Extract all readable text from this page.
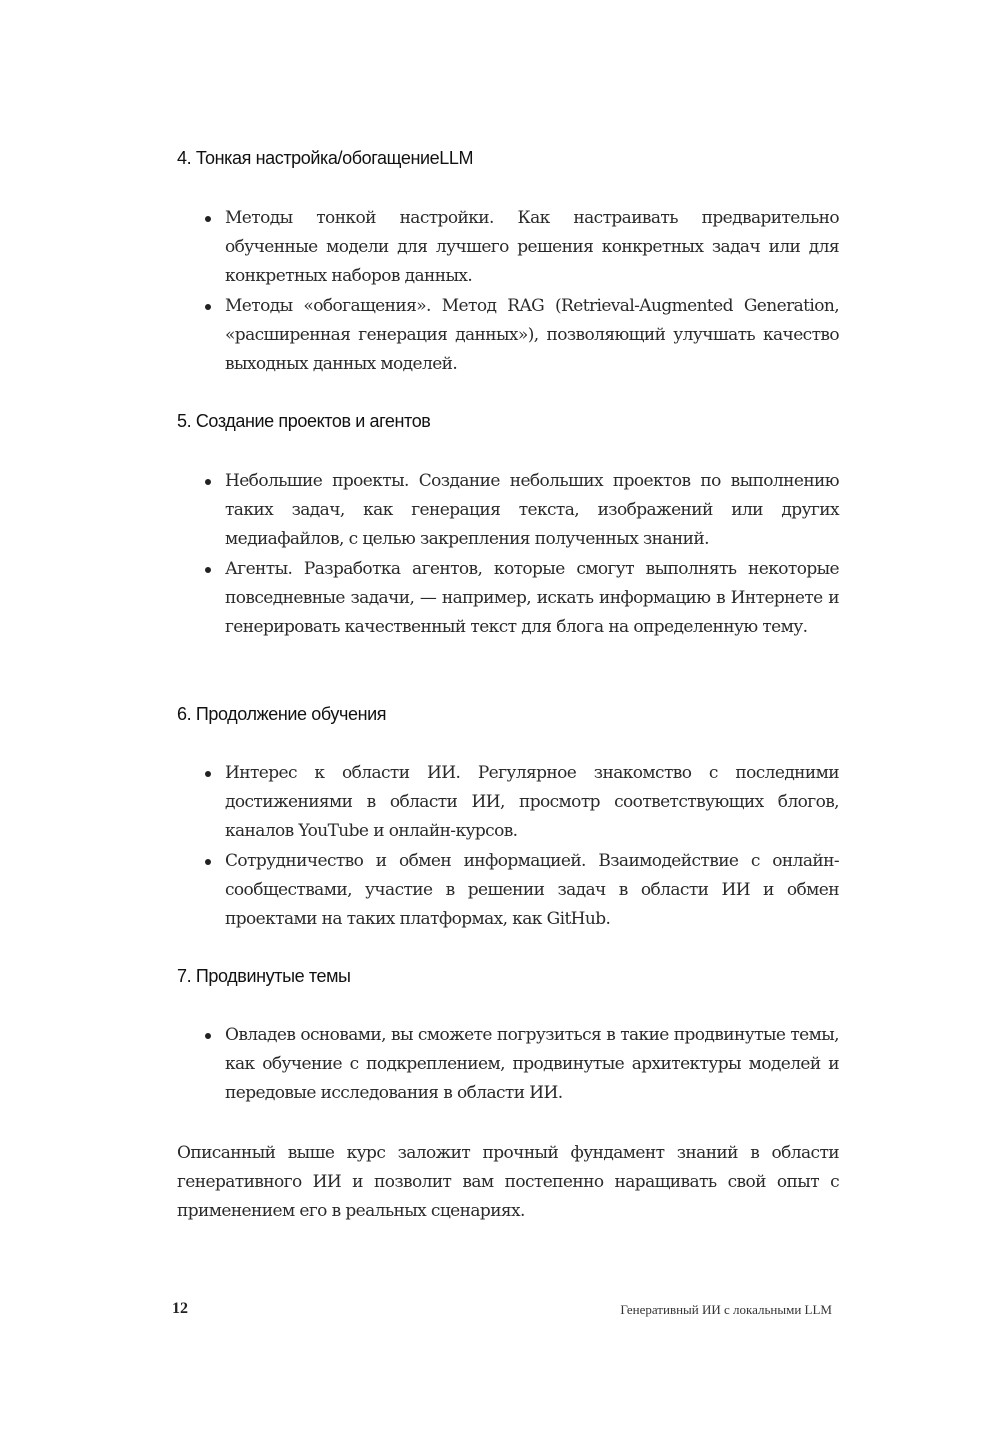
4. Тонкая настройка/обогащениеLLM
Методы тонкой настройки. Как настраивать предварительно обученные модели для лучшего решения конкретных задач или для конкретных наборов данных.
Методы «обогащения». Метод RAG (Retrieval-Augmented Generation, «расширенная генерация данных»), позволяющий улучшать качество выходных данных моделей.
5. Создание проектов и агентов
Небольшие проекты. Создание небольших проектов по выполнению таких задач, как генерация текста, изображений или других медиафайлов, с целью закрепления полученных знаний.
Агенты. Разработка агентов, которые смогут выполнять некоторые повседневные задачи, — например, искать информацию в Интернете и генерировать качественный текст для блога на определенную тему.
6. Продолжение обучения
Интерес к области ИИ. Регулярное знакомство с последними достижениями в области ИИ, просмотр соответствующих блогов, каналов YouTube и онлайн-курсов.
Сотрудничество и обмен информацией. Взаимодействие с онлайн-сообществами, участие в решении задач в области ИИ и обмен проектами на таких платформах, как GitHub.
7. Продвинутые темы
Овладев основами, вы сможете погрузиться в такие продвинутые темы, как обучение с подкреплением, продвинутые архитектуры моделей и передовые исследования в области ИИ.

Описанный выше курс заложит прочный фундамент знаний в области генеративного ИИ и позволит вам постепенно наращивать свой опыт с применением его в реальных сценариях.

12	Генеративный ИИ с локальными LLM
